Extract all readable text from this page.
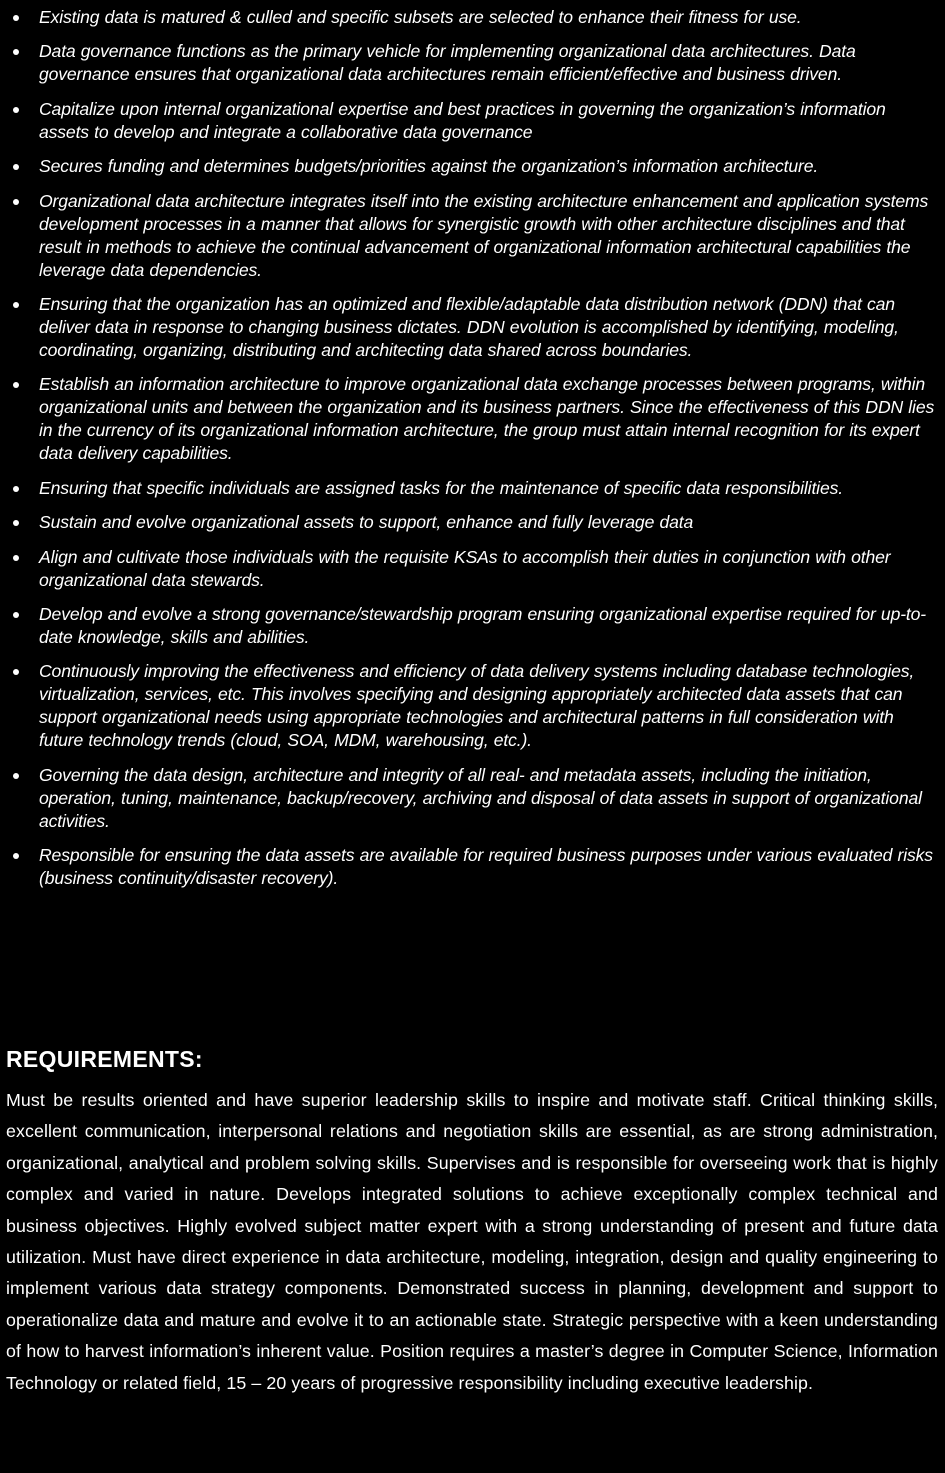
Existing data is matured & culled and specific subsets are selected to enhance their fitness for use.
Data governance functions as the primary vehicle for implementing organizational data architectures. Data governance ensures that organizational data architectures remain efficient/effective and business driven.
Capitalize upon internal organizational expertise and best practices in governing the organization’s information assets to develop and integrate a collaborative data governance
Secures funding and determines budgets/priorities against the organization’s information architecture.
Organizational data architecture integrates itself into the existing architecture enhancement and application systems development processes in a manner that allows for synergistic growth with other architecture disciplines and that result in methods to achieve the continual advancement of organizational information architectural capabilities the leverage data dependencies.
Ensuring that the organization has an optimized and flexible/adaptable data distribution network (DDN) that can deliver data in response to changing business dictates. DDN evolution is accomplished by identifying, modeling, coordinating, organizing, distributing and architecting data shared across boundaries.
Establish an information architecture to improve organizational data exchange processes between programs, within organizational units and between the organization and its business partners. Since the effectiveness of this DDN lies in the currency of its organizational information architecture, the group must attain internal recognition for its expert data delivery capabilities.
Ensuring that specific individuals are assigned tasks for the maintenance of specific data responsibilities.
Sustain and evolve organizational assets to support, enhance and fully leverage data
Align and cultivate those individuals with the requisite KSAs to accomplish their duties in conjunction with other organizational data stewards.
Develop and evolve a strong governance/stewardship program ensuring organizational expertise required for up-to-date knowledge, skills and abilities.
Continuously improving the effectiveness and efficiency of data delivery systems including database technologies, virtualization, services, etc. This involves specifying and designing appropriately architected data assets that can support organizational needs using appropriate technologies and architectural patterns in full consideration with future technology trends (cloud, SOA, MDM, warehousing, etc.).
Governing the data design, architecture and integrity of all real- and metadata assets, including the initiation, operation, tuning, maintenance, backup/recovery, archiving and disposal of data assets in support of organizational activities.
Responsible for ensuring the data assets are available for required business purposes under various evaluated risks (business continuity/disaster recovery).
REQUIREMENTS:
Must be results oriented and have superior leadership skills to inspire and motivate staff. Critical thinking skills, excellent communication, interpersonal relations and negotiation skills are essential, as are strong administration, organizational, analytical and problem solving skills. Supervises and is responsible for overseeing work that is highly complex and varied in nature. Develops integrated solutions to achieve exceptionally complex technical and business objectives. Highly evolved subject matter expert with a strong understanding of present and future data utilization. Must have direct experience in data architecture, modeling, integration, design and quality engineering to implement various data strategy components. Demonstrated success in planning, development and support to operationalize data and mature and evolve it to an actionable state. Strategic perspective with a keen understanding of how to harvest information’s inherent value. Position requires a master’s degree in Computer Science, Information Technology or related field, 15 – 20 years of progressive responsibility including executive leadership.
